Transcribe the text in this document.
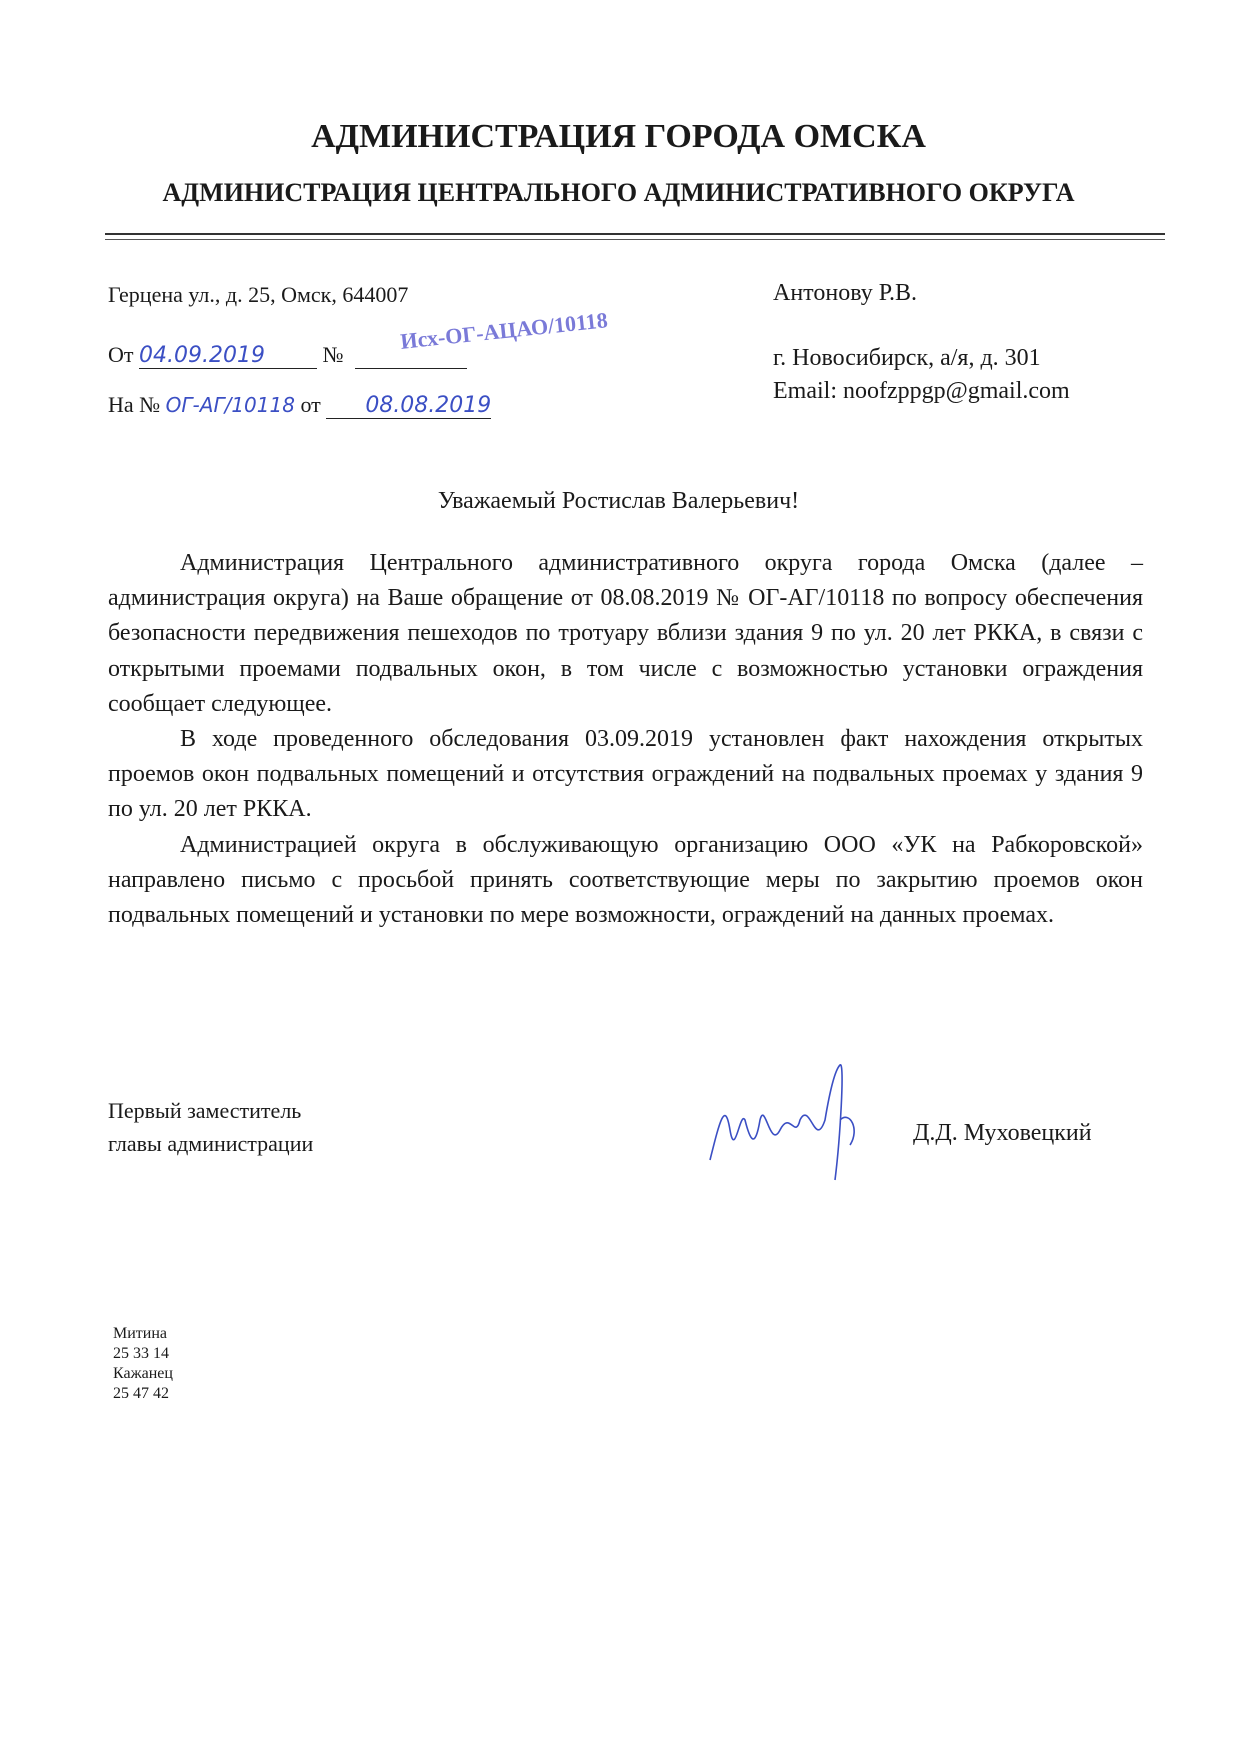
АДМИНИСТРАЦИЯ ГОРОДА ОМСКА
АДМИНИСТРАЦИЯ ЦЕНТРАЛЬНОГО АДМИНИСТРАТИВНОГО ОКРУГА
Герцена ул., д. 25, Омск, 644007
От 04.09.2019	№
Исх-ОГ-АЦАО/10118
На № ОГ-АГ/10118 от 08.08.2019
Антонову Р.В.
г. Новосибирск, а/я, д. 301
Email: noofzppgp@gmail.com
Уважаемый Ростислав Валерьевич!

Администрация Центрального административного округа города Омска (далее – администрация округа) на Ваше обращение от 08.08.2019 № ОГ-АГ/10118 по вопросу обеспечения безопасности передвижения пешеходов по тротуару вблизи здания 9 по ул. 20 лет РККА, в связи с открытыми проемами подвальных окон, в том числе с возможностью установки ограждения сообщает следующее.

В ходе проведенного обследования 03.09.2019 установлен факт нахождения открытых проемов окон подвальных помещений и отсутствия ограждений на подвальных проемах у здания 9 по ул. 20 лет РККА.

Администрацией округа в обслуживающую организацию ООО «УК на Рабкоровской» направлено письмо с просьбой принять соответствующие меры по закрытию проемов окон подвальных помещений и установки по мере возможности, ограждений на данных проемах.

Первый заместитель
главы администрации	Д.Д. Муховецкий
Митина
25 33 14
Кажанец
25 47 42
